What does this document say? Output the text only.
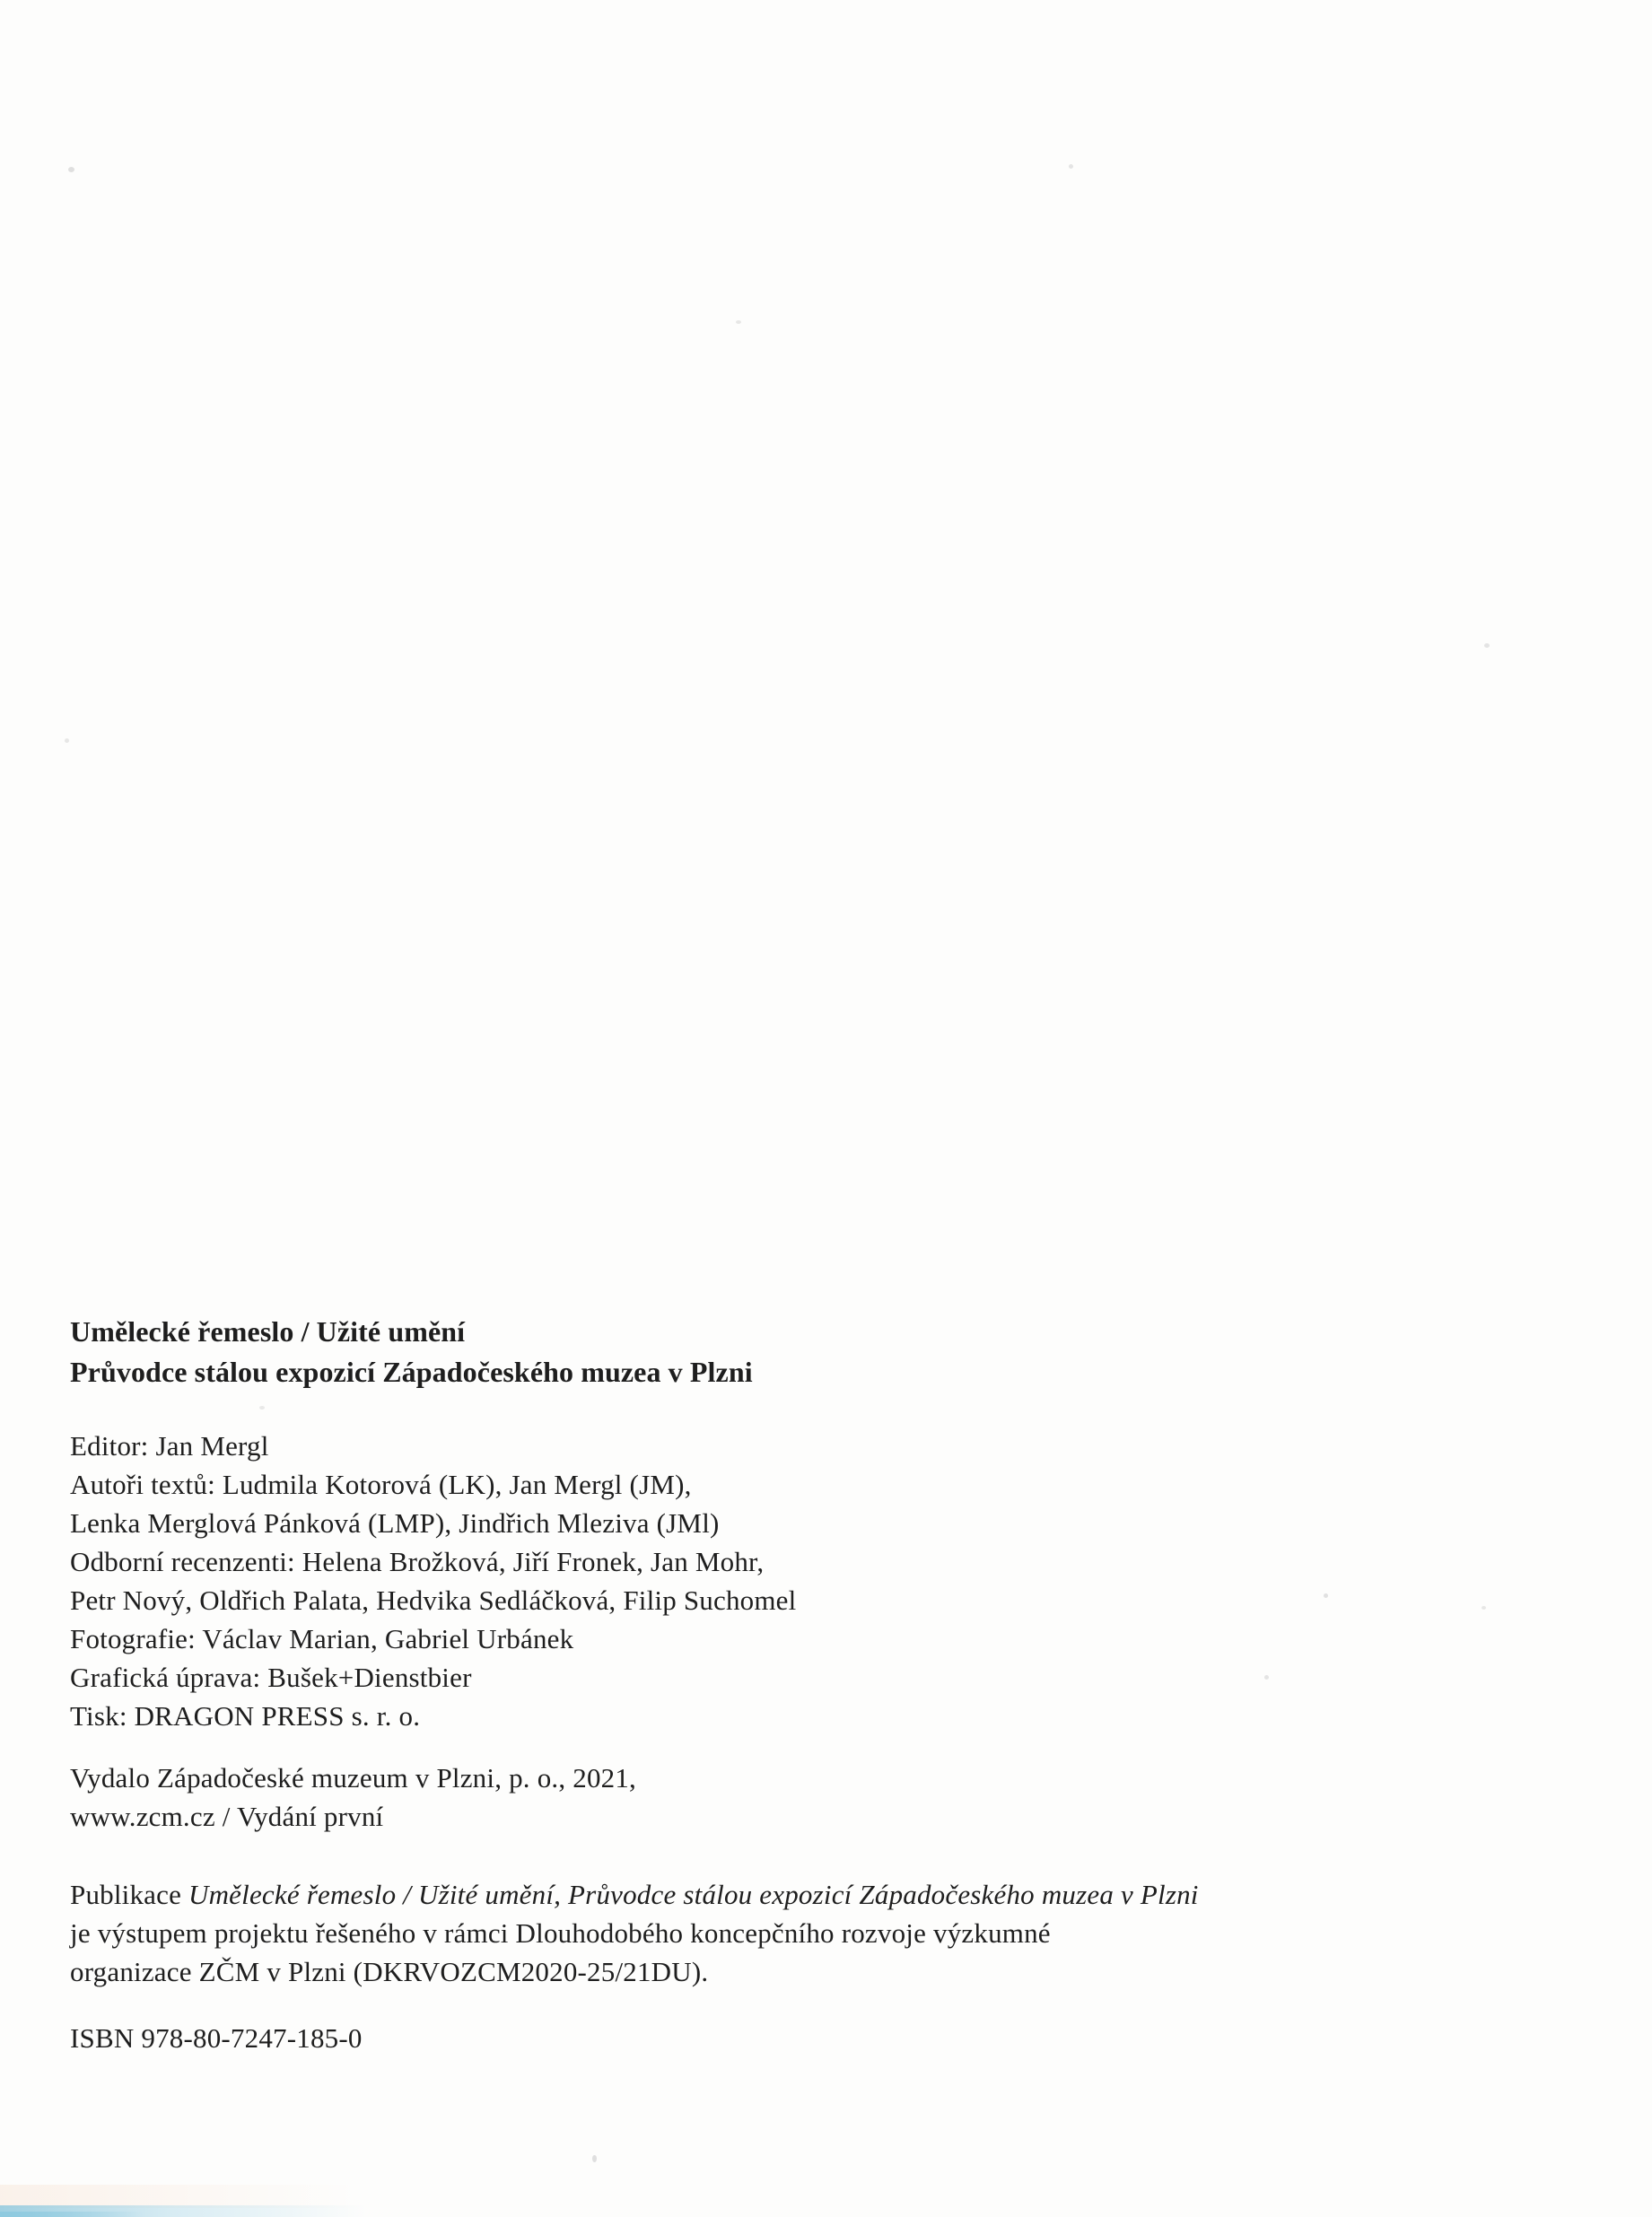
Umělecké řemeslo / Užité umění
Průvodce stálou expozicí Západočeského muzea v Plzni
Editor: Jan Mergl
Autoři textů: Ludmila Kotorová (LK), Jan Mergl (JM),
Lenka Merglová Pánková (LMP), Jindřich Mleziva (JMl)
Odborní recenzenti: Helena Brožková, Jiří Fronek, Jan Mohr,
Petr Nový, Oldřich Palata, Hedvika Sedláčková, Filip Suchomel
Fotografie: Václav Marian, Gabriel Urbánek
Grafická úprava: Bušek+Dienstbier
Tisk: DRAGON PRESS s. r. o.
Vydalo Západočeské muzeum v Plzni, p. o., 2021,
www.zcm.cz / Vydání první
Publikace Umělecké řemeslo / Užité umění, Průvodce stálou expozicí Západočeského muzea v Plzni
je výstupem projektu řešeného v rámci Dlouhodobého koncepčního rozvoje výzkumné
organizace ZČM v Plzni (DKRVOZCM2020-25/21DU).
ISBN 978-80-7247-185-0
